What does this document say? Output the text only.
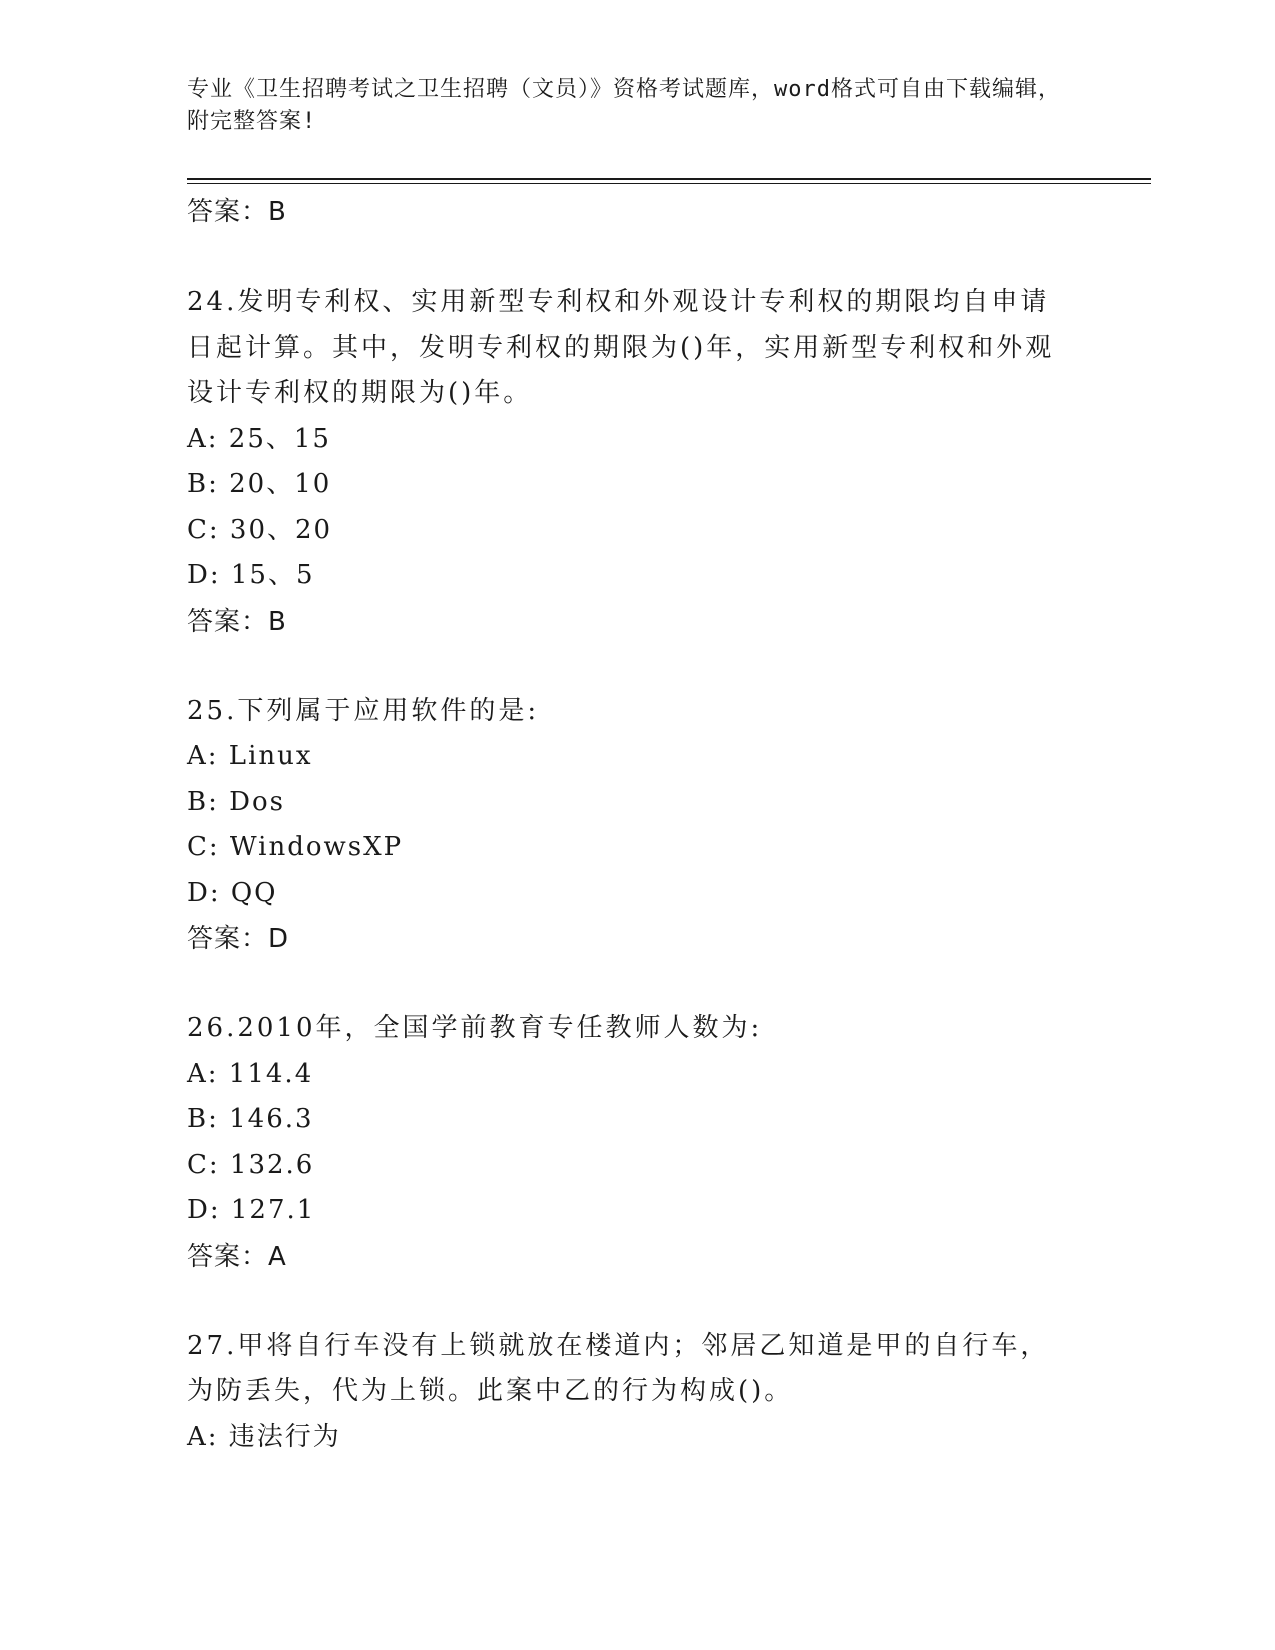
专业《卫生招聘考试之卫生招聘（文员）》资格考试题库，word格式可自由下载编辑，附完整答案!
答案：B
24.发明专利权、实用新型专利权和外观设计专利权的期限均自申请日起计算。其中，发明专利权的期限为()年，实用新型专利权和外观设计专利权的期限为()年。
A: 25、15
B: 20、10
C: 30、20
D: 15、5
答案：B
25.下列属于应用软件的是:
A: Linux
B: Dos
C: WindowsXP
D: QQ
答案：D
26.2010年，全国学前教育专任教师人数为:
A: 114.4
B: 146.3
C: 132.6
D: 127.1
答案：A
27.甲将自行车没有上锁就放在楼道内；邻居乙知道是甲的自行车，为防丢失，代为上锁。此案中乙的行为构成()。
A: 违法行为
